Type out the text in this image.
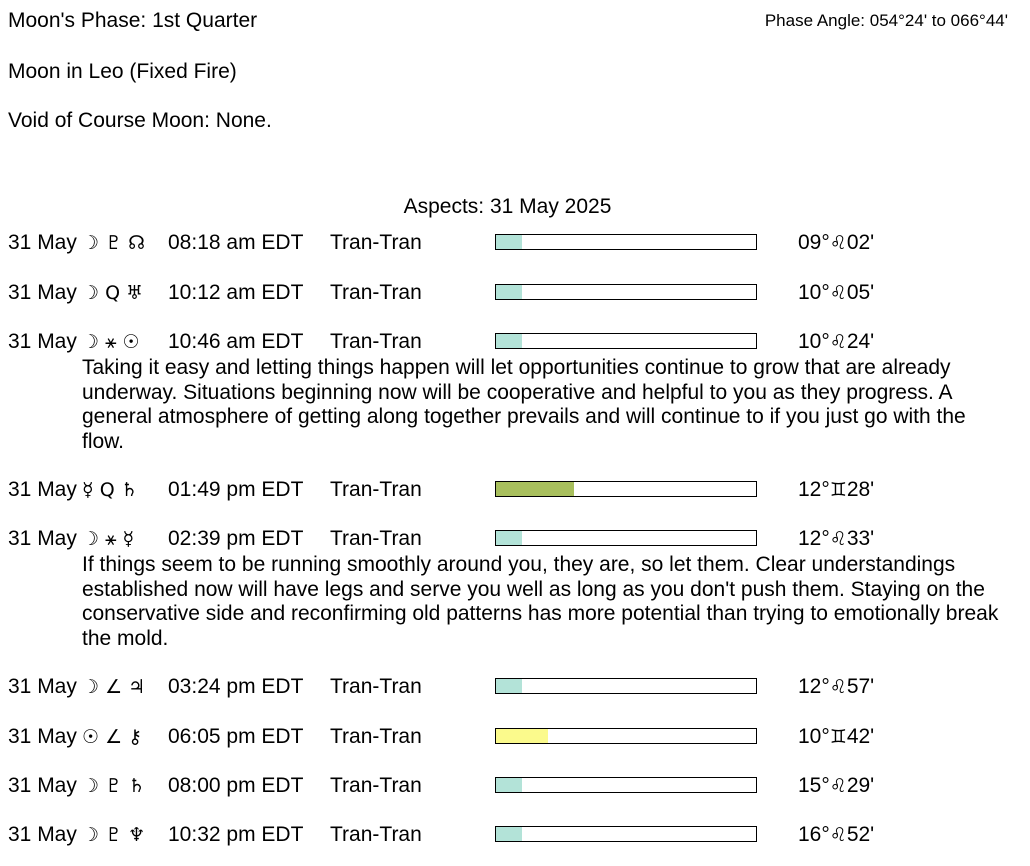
Moon's Phase: 1st Quarter	Phase Angle: 054°24' to 066°44'
Moon in Leo (Fixed Fire)
Void of Course Moon: None.
Aspects: 31 May 2025
31 May ☽ ♇ ☊ 08:18 am EDT Tran-Tran	09°♌02'
31 May ☽ Q ♅ 10:12 am EDT Tran-Tran	10°♌05'
31 May ☽ ⚹ ☉ 10:46 am EDT Tran-Tran	10°♌24'
Taking it easy and letting things happen will let opportunities continue to grow that are already underway. Situations beginning now will be cooperative and helpful to you as they progress. A general atmosphere of getting along together prevails and will continue to if you just go with the flow.
31 May ☿ Q ♄ 01:49 pm EDT Tran-Tran	12°♊28'
31 May ☽ ⚹ ☿ 02:39 pm EDT Tran-Tran	12°♌33'
If things seem to be running smoothly around you, they are, so let them. Clear understandings established now will have legs and serve you well as long as you don't push them. Staying on the conservative side and reconfirming old patterns has more potential than trying to emotionally break the mold.
31 May ☽ ∠ ♃ 03:24 pm EDT Tran-Tran	12°♌57'
31 May ☉ ∠ ⚷ 06:05 pm EDT Tran-Tran	10°♊42'
31 May ☽ ♇ ♄ 08:00 pm EDT Tran-Tran	15°♌29'
31 May ☽ ♇ ♆ 10:32 pm EDT Tran-Tran	16°♌52'
